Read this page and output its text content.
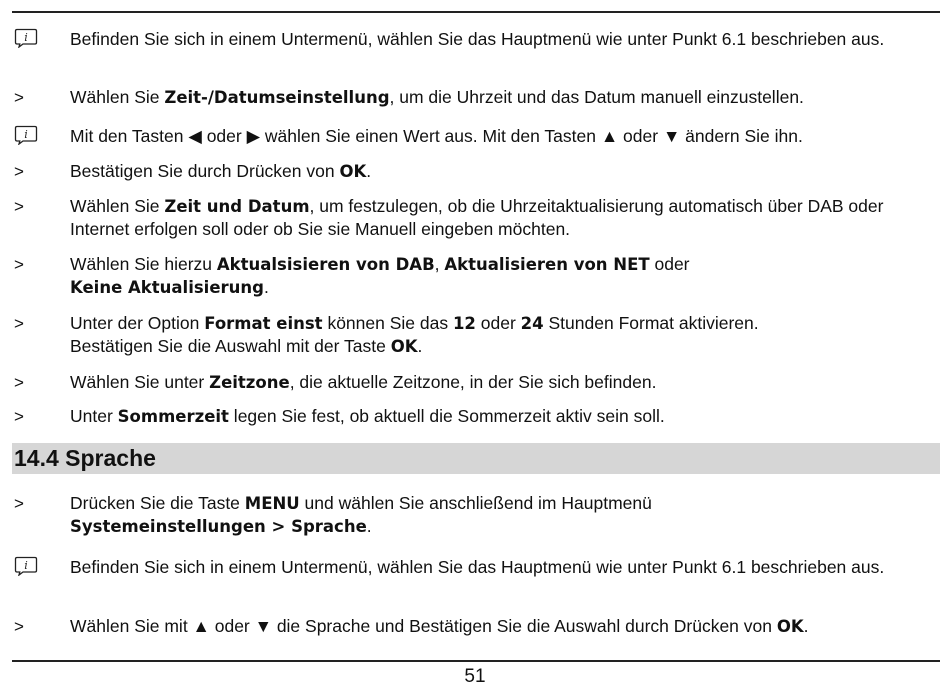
i Befinden Sie sich in einem Untermenü, wählen Sie das Hauptmenü wie unter Punkt 6.1 beschrieben aus.
>	Wählen Sie Zeit-/Datumseinstellung, um die Uhrzeit und das Datum manuell einzustellen.
i Mit den Tasten ◀ oder ▶ wählen Sie einen Wert aus. Mit den Tasten ▲ oder ▼ ändern Sie ihn.
>	Bestätigen Sie durch Drücken von OK.
>	Wählen Sie Zeit und Datum, um festzulegen, ob die Uhrzeitaktualisierung automatisch über DAB oder Internet erfolgen soll oder ob Sie sie Manuell eingeben möchten.
>	Wählen Sie hierzu Aktualsisieren von DAB, Aktualisieren von NET oder
Keine Aktualisierung.
>	Unter der Option Format einst können Sie das 12 oder 24 Stunden Format aktivieren.
Bestätigen Sie die Auswahl mit der Taste OK.
>	Wählen Sie unter Zeitzone, die aktuelle Zeitzone, in der Sie sich befinden.
>	Unter Sommerzeit legen Sie fest, ob aktuell die Sommerzeit aktiv sein soll.
14.4 Sprache
>	Drücken Sie die Taste MENU und wählen Sie anschließend im Hauptmenü
Systemeinstellungen > Sprache.
i Befinden Sie sich in einem Untermenü, wählen Sie das Hauptmenü wie unter Punkt 6.1 beschrieben aus.
>	Wählen Sie mit ▲ oder ▼ die Sprache und Bestätigen Sie die Auswahl durch Drücken von OK.
51
